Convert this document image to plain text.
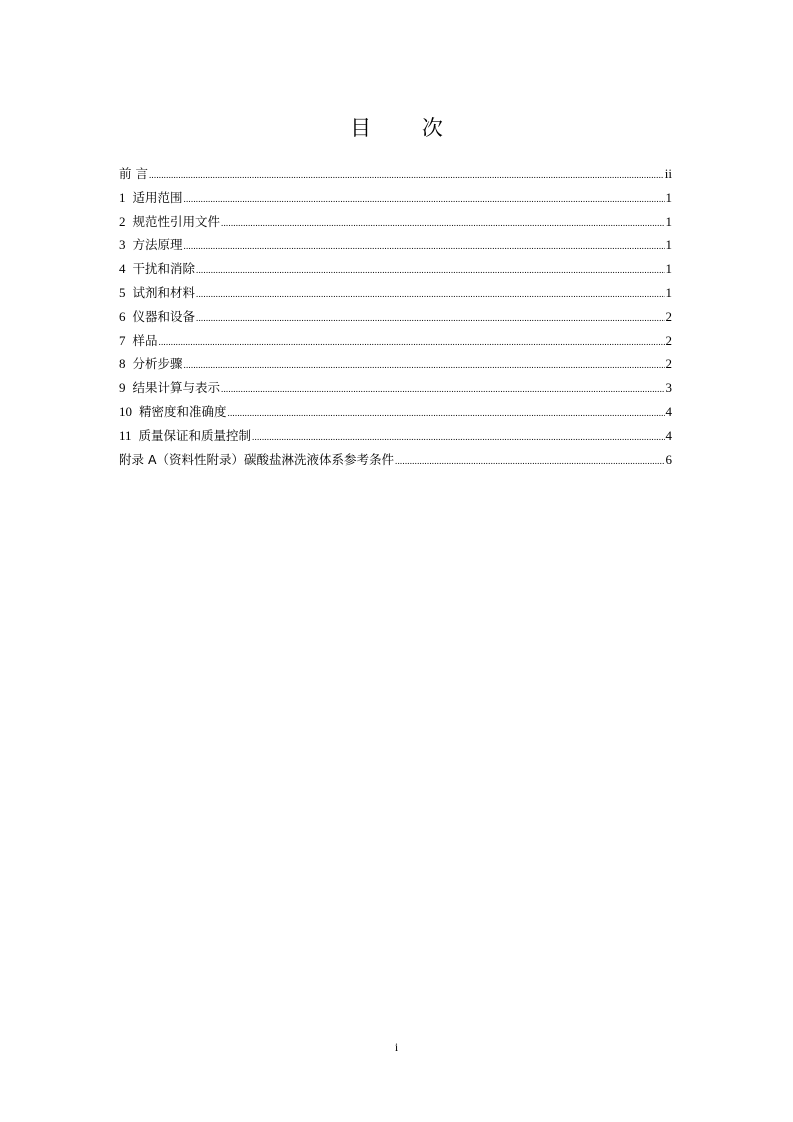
目 次
前 言 .....	ii
1 适用范围 .....	1
2 规范性引用文件 .....	1
3 方法原理 .....	1
4 干扰和消除 .....	1
5 试剂和材料 .....	1
6 仪器和设备 .....	2
7 样品 .....	2
8 分析步骤 .....	2
9 结果计算与表示 .....	3
10 精密度和准确度 .....	4
11 质量保证和质量控制 .....	4
附录 A（资料性附录）碳酸盐淋洗液体系参考条件 .....	6
i
